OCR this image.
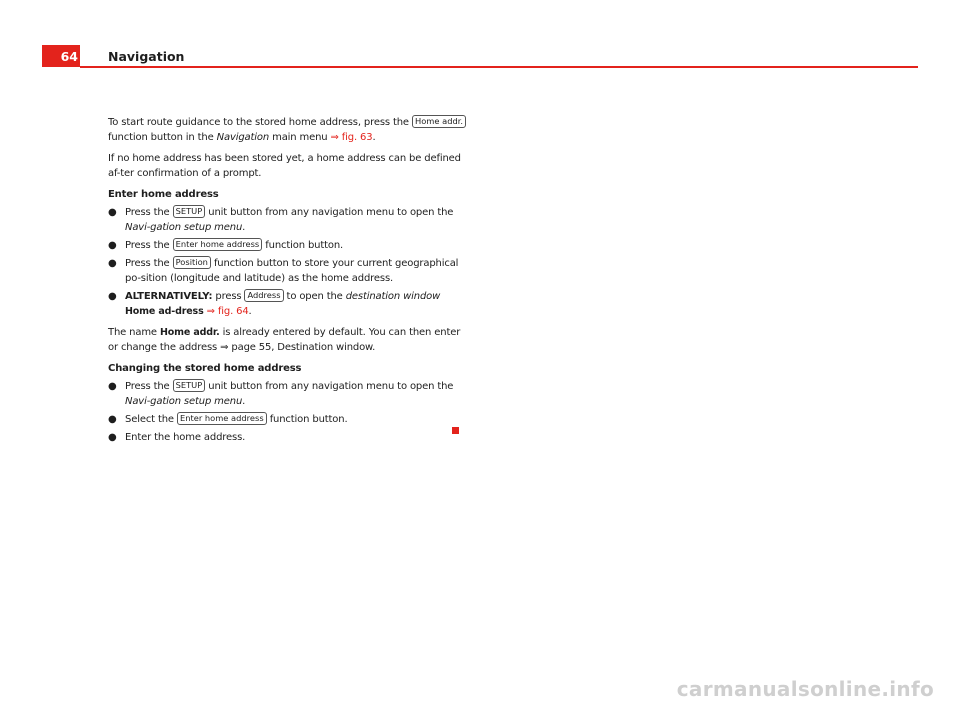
64 Navigation

To start route guidance to the stored home address, press the Home addr. function button in the Navigation main menu ⇒ fig. 63.

If no home address has been stored yet, a home address can be defined af-ter confirmation of a prompt.

Enter home address

● Press the SETUP unit button from any navigation menu to open the Navi-gation setup menu.
● Press the Enter home address function button.
● Press the Position function button to store your current geographical po-sition (longitude and latitude) as the home address.
● ALTERNATIVELY: press Address to open the destination window Home ad-dress ⇒ fig. 64.

The name Home addr. is already entered by default. You can then enter or change the address ⇒ page 55, Destination window.

Changing the stored home address

● Press the SETUP unit button from any navigation menu to open the Navi-gation setup menu.
● Select the Enter home address function button.
● Enter the home address.
carmanualsonline.info
